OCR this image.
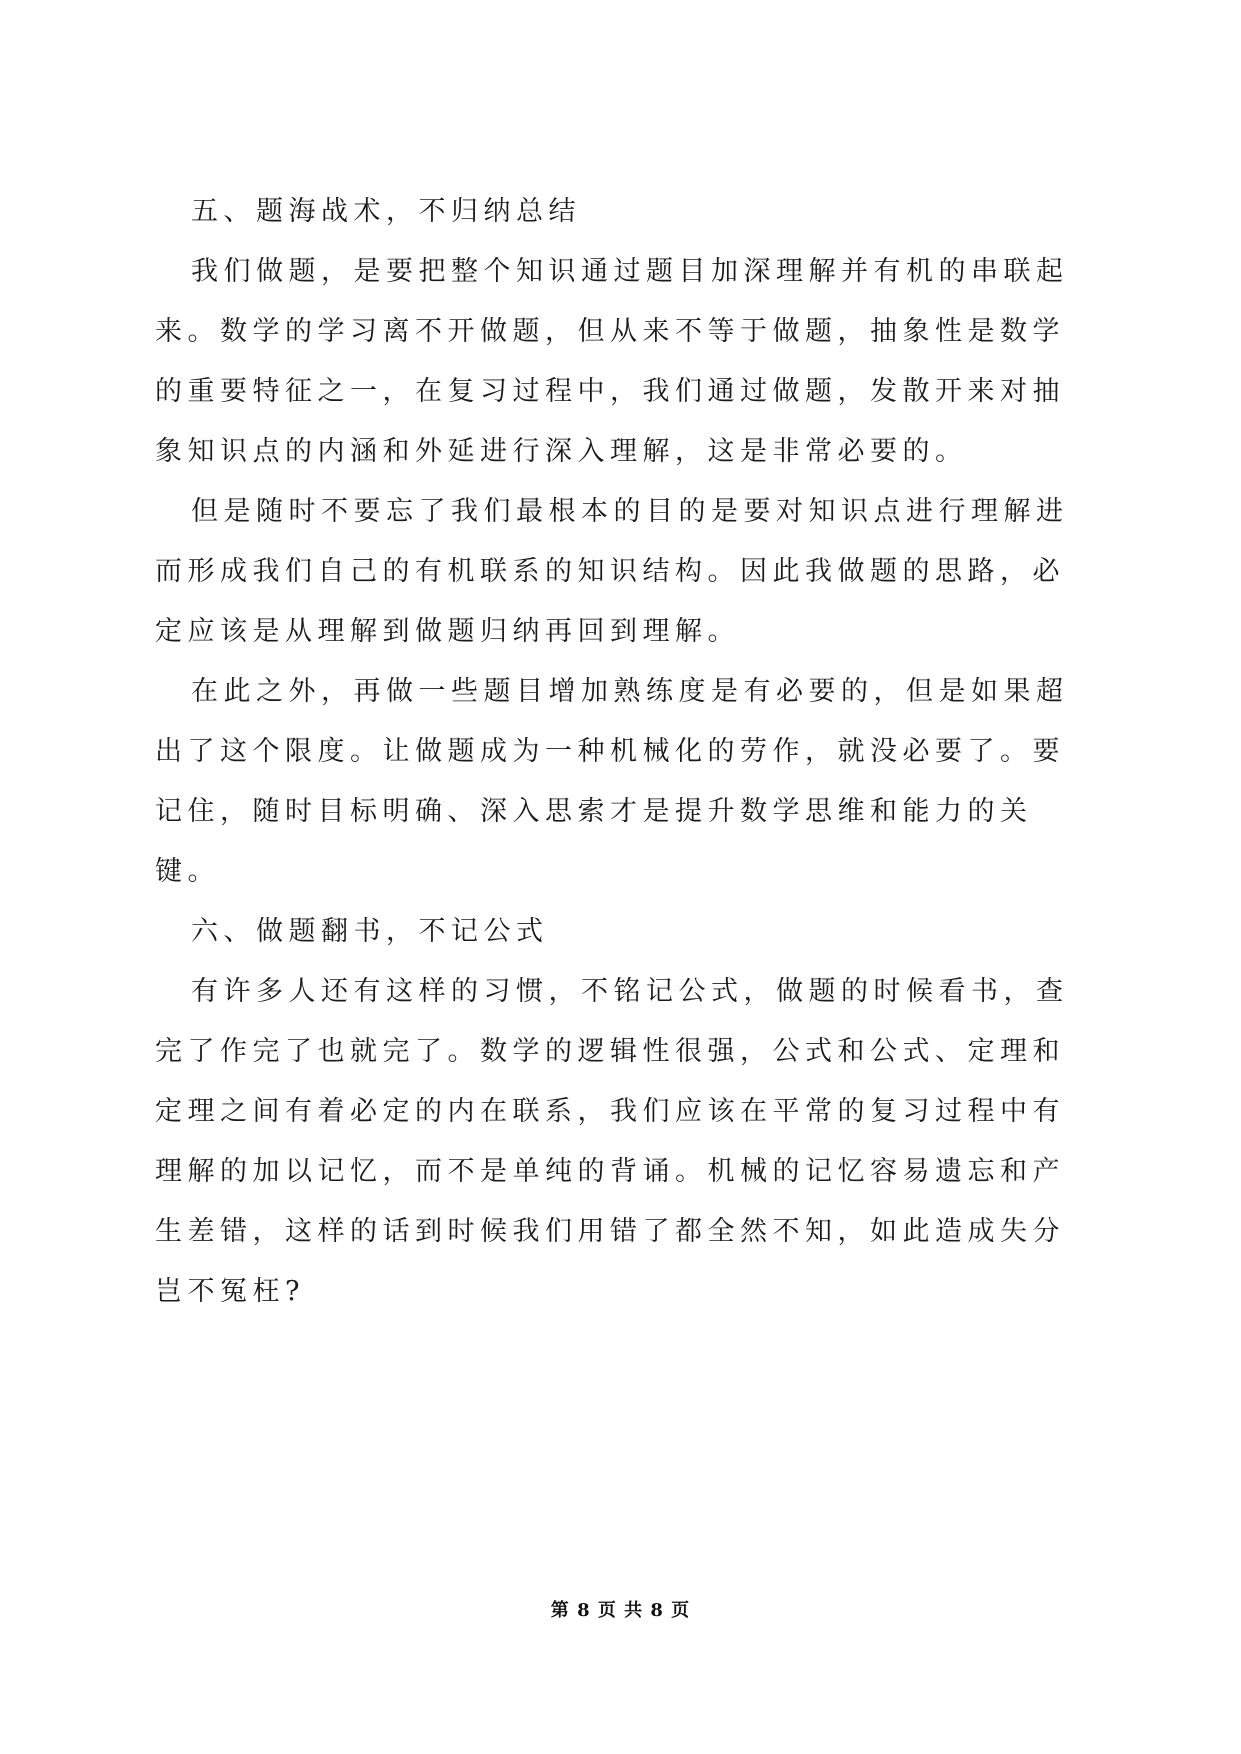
五、题海战术，不归纳总结

我们做题，是要把整个知识通过题目加深理解并有机的串联起来。数学的学习离不开做题，但从来不等于做题，抽象性是数学的重要特征之一，在复习过程中，我们通过做题，发散开来对抽象知识点的内涵和外延进行深入理解，这是非常必要的。

但是随时不要忘了我们最根本的目的是要对知识点进行理解进而形成我们自己的有机联系的知识结构。因此我做题的思路，必定应该是从理解到做题归纳再回到理解。

在此之外，再做一些题目增加熟练度是有必要的，但是如果超出了这个限度。让做题成为一种机械化的劳作，就没必要了。要记住，随时目标明确、深入思索才是提升数学思维和能力的关键。

六、做题翻书，不记公式

有许多人还有这样的习惯，不铭记公式，做题的时候看书，查完了作完了也就完了。数学的逻辑性很强，公式和公式、定理和定理之间有着必定的内在联系，我们应该在平常的复习过程中有理解的加以记忆，而不是单纯的背诵。机械的记忆容易遗忘和产生差错，这样的话到时候我们用错了都全然不知，如此造成失分岂不冤枉?

第 8 页 共 8 页
